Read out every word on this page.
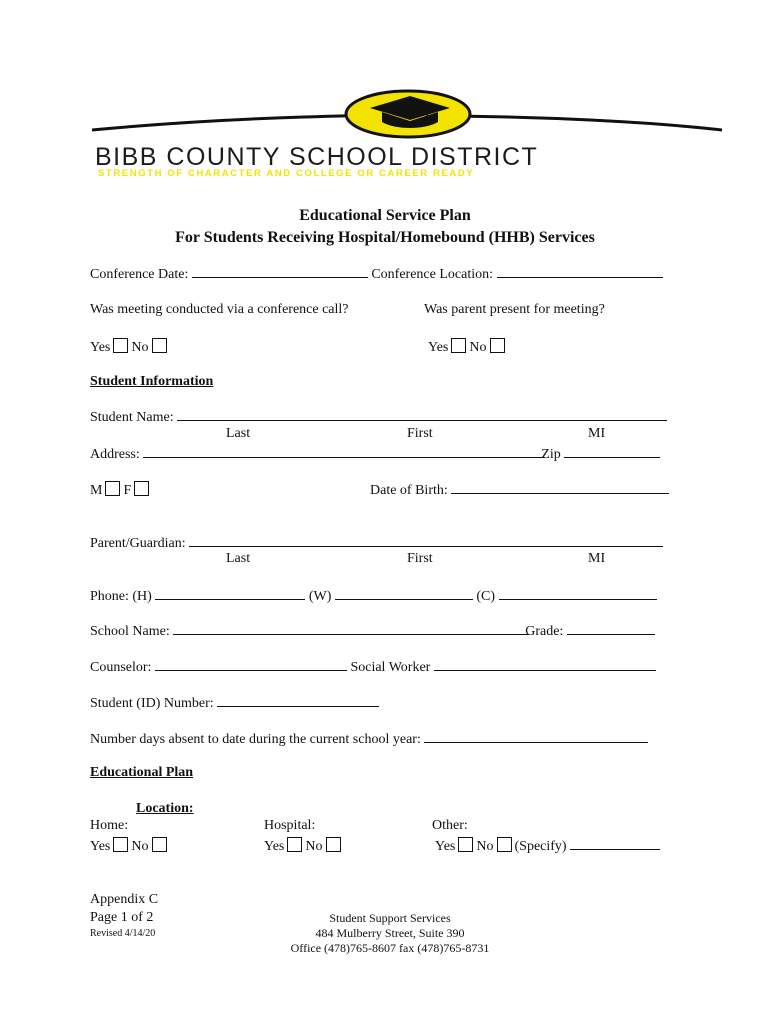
BIBB COUNTY SCHOOL DISTRICT
STRENGTH OF CHARACTER AND COLLEGE OR CAREER READY
Educational Service Plan
For Students Receiving Hospital/Homebound (HHB) Services
Conference Date:	Conference Location:
Was meeting conducted via a conference call?	Was parent present for meeting?
Yes No	Yes No
Student Information
Student Name:
Last	First	MI
Address:	Zip
M F	Date of Birth:
Parent/Guardian:
Last	First	MI
Phone: (H)	(W)	(C)
School Name:	Grade:
Counselor:	Social Worker
Student (ID) Number:
Number days absent to date during the current school year:
Educational Plan
Location:
Home:	Hospital:	Other:
Yes No	Yes No	Yes No (Specify)
Appendix C
Page 1 of 2
Revised 4/14/20
Student Support Services
484 Mulberry Street, Suite 390
Office (478)765-8607 fax (478)765-8731
